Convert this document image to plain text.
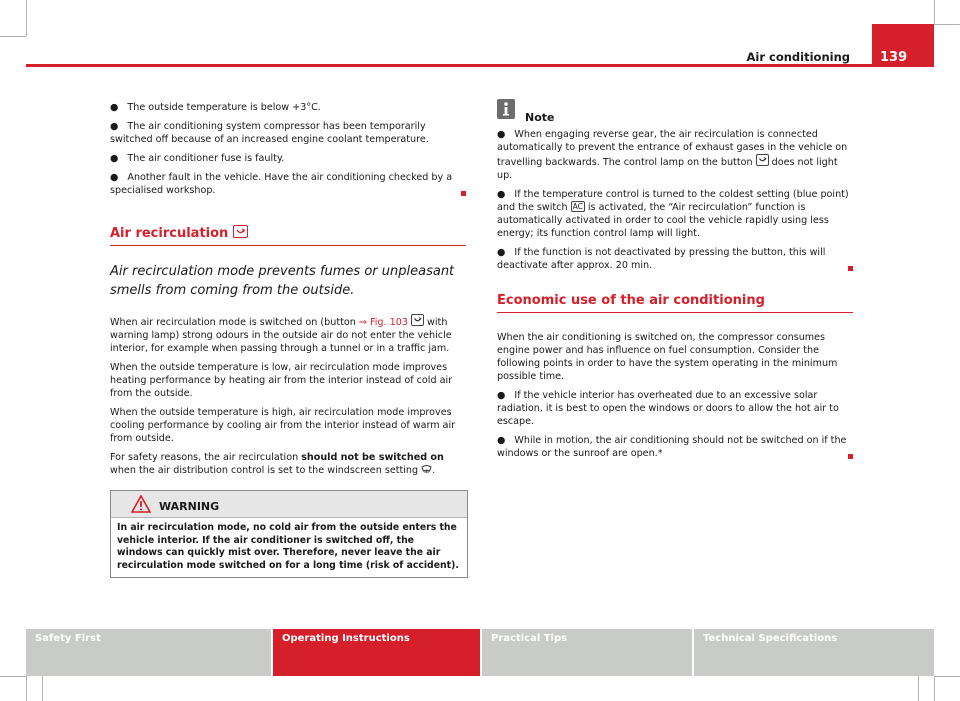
Air conditioning 139

● The outside temperature is below +3°C.

● The air conditioning system compressor has been temporarily switched off because of an increased engine coolant temperature.

● The air conditioner fuse is faulty.

● Another fault in the vehicle. Have the air conditioning checked by a specialised workshop.

Air recirculation

Air recirculation mode prevents fumes or unpleasant smells from coming from the outside.

When air recirculation mode is switched on (button ⇒ Fig. 103
with warning lamp) strong odours in the outside air do not enter the vehicle interior, for example when passing through a tunnel or in a traffic jam.

When the outside temperature is low, air recirculation mode improves heating performance by heating air from the interior instead of cold air from the outside.

When the outside temperature is high, air recirculation mode improves cooling performance by cooling air from the interior instead of warm air from outside.

For safety reasons, the air recirculation should not be switched on when the air distribution control is set to the windscreen setting .

WARNING
In air recirculation mode, no cold air from the outside enters the vehicle interior. If the air conditioner is switched off, the windows can quickly mist over. Therefore, never leave the air recirculation mode switched on for a long time (risk of accident).
Note

● When engaging reverse gear, the air recirculation is connected automatically to prevent the entrance of exhaust gases in the vehicle on travelling backwards. The control lamp on the button
does not light up.

● If the temperature control is turned to the coldest setting (blue point) and the switch AC is activated, the “Air recirculation” function is automatically activated in order to cool the vehicle rapidly using less energy; its function control lamp will light.

● If the function is not deactivated by pressing the button, this will deactivate after approx. 20 min.

Economic use of the air conditioning

When the air conditioning is switched on, the compressor consumes engine power and has influence on fuel consumption. Consider the following points in order to have the system operating in the minimum possible time.

● If the vehicle interior has overheated due to an excessive solar radiation, it is best to open the windows or doors to allow the hot air to escape.

● While in motion, the air conditioning should not be switched on if the windows or the sunroof are open.*

Safety First	Operating Instructions	Practical Tips	Technical Specifications
